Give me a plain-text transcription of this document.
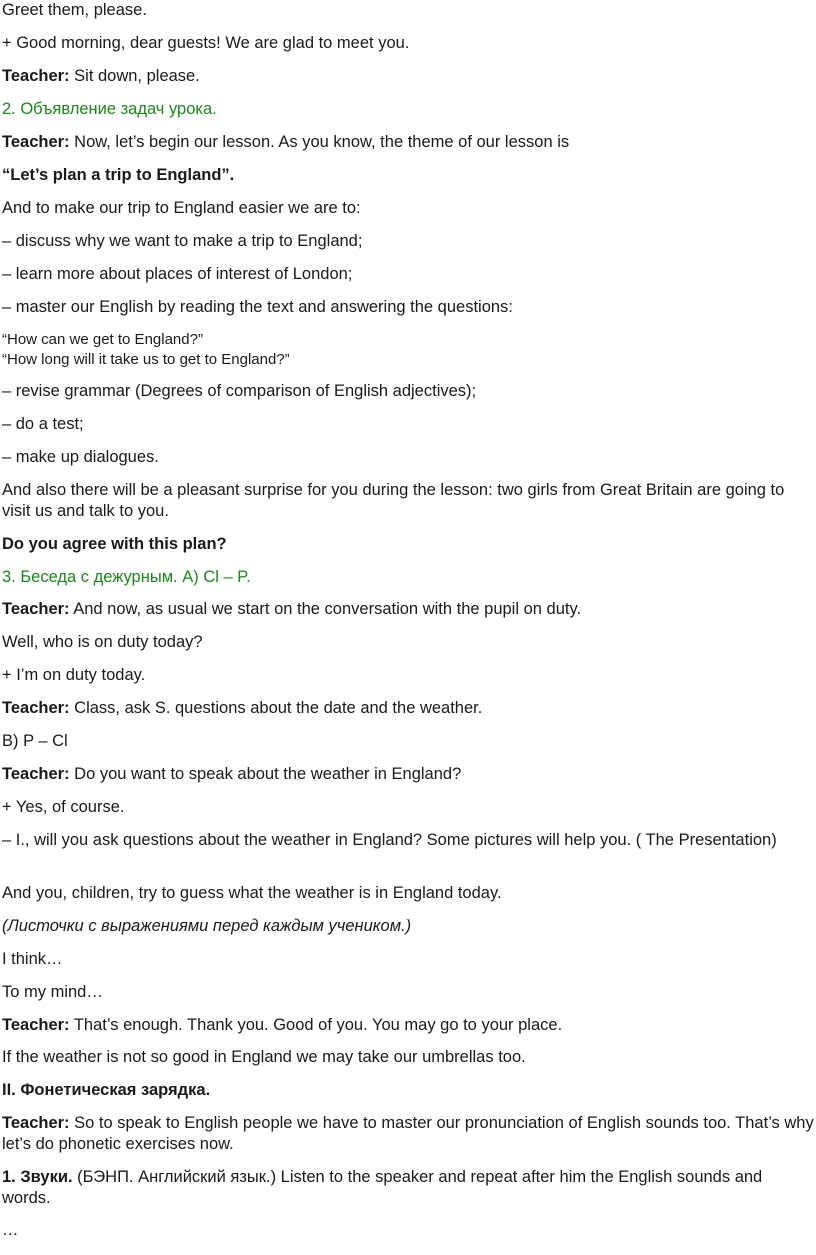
Greet them, please.

+ Good morning, dear guests! We are glad to meet you.

Teacher: Sit down, please.

2. Объявление задач урока.

Teacher: Now, let’s begin our lesson. As you know, the theme of our lesson is

“Let’s plan a trip to England”.

And to make our trip to England easier we are to:

– discuss why we want to make a trip to England;

– learn more about places of interest of London;

– master our English by reading the text and answering the questions:

“How can we get to England?”

“How long will it take us to get to England?”

– revise grammar (Degrees of comparison of English adjectives);

– do a test;

– make up dialogues.

And also there will be a pleasant surprise for you during the lesson: two girls from Great Britain are going to visit us and talk to you.

Do you agree with this plan?

3. Беседа с дежурным. A) Cl – P.

Teacher: And now, as usual we start on the conversation with the pupil on duty.

Well, who is on duty today?

+ I’m on duty today.

Teacher: Class, ask S. questions about the date and the weather.

B) P – Cl

Teacher: Do you want to speak about the weather in England?

+ Yes, of course.

– I., will you ask questions about the weather in England? Some pictures will help you. ( The Presentation)

And you, children, try to guess what the weather is in England today.

(Листочки с выражениями перед каждым учеником.)

I think…

To my mind…

Teacher: That’s enough. Thank you. Good of you. You may go to your place.

If the weather is not so good in England we may take our umbrellas too.

II. Фонетическая зарядка.

Teacher: So to speak to English people we have to master our pronunciation of English sounds too. That’s why let’s do phonetic exercises now.

1. Звуки. (БЭНП. Английский язык.) Listen to the speaker and repeat after him the English sounds and words.

…
